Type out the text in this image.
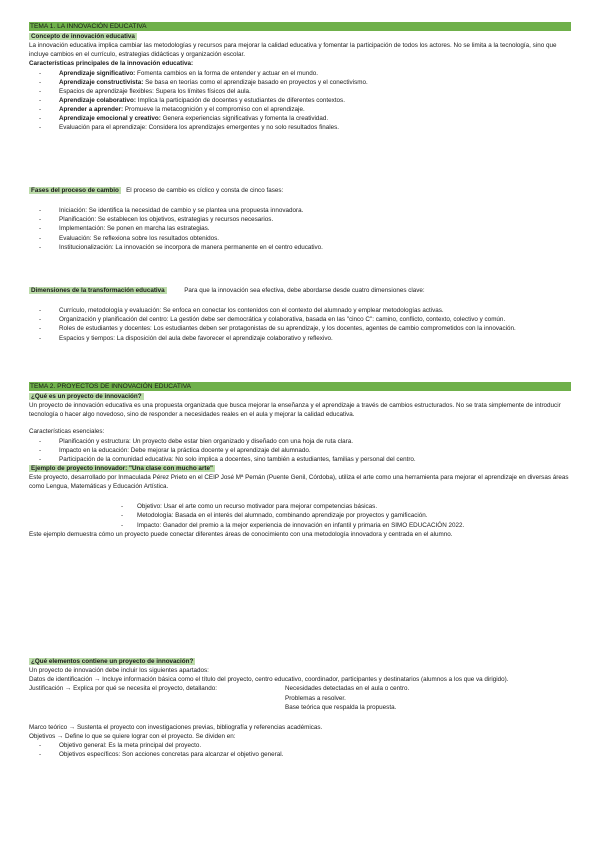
TEMA 1. LA INNOVACIÓN EDUCATIVA

Concepto de innovación educativa

La innovación educativa implica cambiar las metodologías y recursos para mejorar la calidad educativa y fomentar la participación de todos los actores. No se limita a la tecnología, sino que incluye cambios en el currículo, estrategias didácticas y organización escolar.

Características principales de la innovación educativa:

- Aprendizaje significativo: Fomenta cambios en la forma de entender y actuar en el mundo.
- Aprendizaje constructivista: Se basa en teorías como el aprendizaje basado en proyectos y el conectivismo.
- Espacios de aprendizaje flexibles: Supera los límites físicos del aula.
- Aprendizaje colaborativo: Implica la participación de docentes y estudiantes de diferentes contextos.
- Aprender a aprender: Promueve la metacognición y el compromiso con el aprendizaje.
- Aprendizaje emocional y creativo: Genera experiencias significativas y fomenta la creatividad.
- Evaluación para el aprendizaje: Considera los aprendizajes emergentes y no solo resultados finales.

Fases del proceso de cambio El proceso de cambio es cíclico y consta de cinco fases:

- Iniciación: Se identifica la necesidad de cambio y se plantea una propuesta innovadora.
- Planificación: Se establecen los objetivos, estrategias y recursos necesarios.
- Implementación: Se ponen en marcha las estrategias.
- Evaluación: Se reflexiona sobre los resultados obtenidos.
- Institucionalización: La innovación se incorpora de manera permanente en el centro educativo.

Dimensiones de la transformación educativa	Para que la innovación sea efectiva, debe abordarse desde cuatro dimensiones clave:

- Currículo, metodología y evaluación: Se enfoca en conectar los contenidos con el contexto del alumnado y emplear metodologías activas.
- Organización y planificación del centro: La gestión debe ser democrática y colaborativa, basada en las "cinco C": camino, conflicto, contexto, colectivo y común.
- Roles de estudiantes y docentes: Los estudiantes deben ser protagonistas de su aprendizaje, y los docentes, agentes de cambio comprometidos con la innovación.
- Espacios y tiempos: La disposición del aula debe favorecer el aprendizaje colaborativo y reflexivo.
TEMA 2. PROYECTOS DE INNOVACIÓN EDUCATIVA

¿Qué es un proyecto de innovación?

Un proyecto de innovación educativa es una propuesta organizada que busca mejorar la enseñanza y el aprendizaje a través de cambios estructurados. No se trata simplemente de introducir tecnología o hacer algo novedoso, sino de responder a necesidades reales en el aula y mejorar la calidad educativa.

Características esenciales:

- Planificación y estructura: Un proyecto debe estar bien organizado y diseñado con una hoja de ruta clara.
- Impacto en la educación: Debe mejorar la práctica docente y el aprendizaje del alumnado.
- Participación de la comunidad educativa: No solo implica a docentes, sino también a estudiantes, familias y personal del centro.

Ejemplo de proyecto innovador: "Una clase con mucho arte"

Este proyecto, desarrollado por Inmaculada Pérez Prieto en el CEIP José Mª Pemán (Puente Genil, Córdoba), utiliza el arte como una herramienta para mejorar el aprendizaje en diversas áreas como Lengua, Matemáticas y Educación Artística.

- Objetivo: Usar el arte como un recurso motivador para mejorar competencias básicas.
- Metodología: Basada en el interés del alumnado, combinando aprendizaje por proyectos y gamificación.
- Impacto: Ganador del premio a la mejor experiencia de innovación en infantil y primaria en SIMO EDUCACIÓN 2022.

Este ejemplo demuestra cómo un proyecto puede conectar diferentes áreas de conocimiento con una metodología innovadora y centrada en el alumno.

¿Qué elementos contiene un proyecto de innovación?

Un proyecto de innovación debe incluir los siguientes apartados:

Datos de identificación → Incluye información básica como el título del proyecto, centro educativo, coordinador, participantes y destinatarios (alumnos a los que va dirigido).

Justificación → Explica por qué se necesita el proyecto, detallando:	Necesidades detectadas en el aula o centro.
Problemas a resolver.
Base teórica que respalda la propuesta.

Marco teórico → Sustenta el proyecto con investigaciones previas, bibliografía y referencias académicas.

Objetivos → Define lo que se quiere lograr con el proyecto. Se dividen en:

- Objetivo general: Es la meta principal del proyecto.
- Objetivos específicos: Son acciones concretas para alcanzar el objetivo general.
